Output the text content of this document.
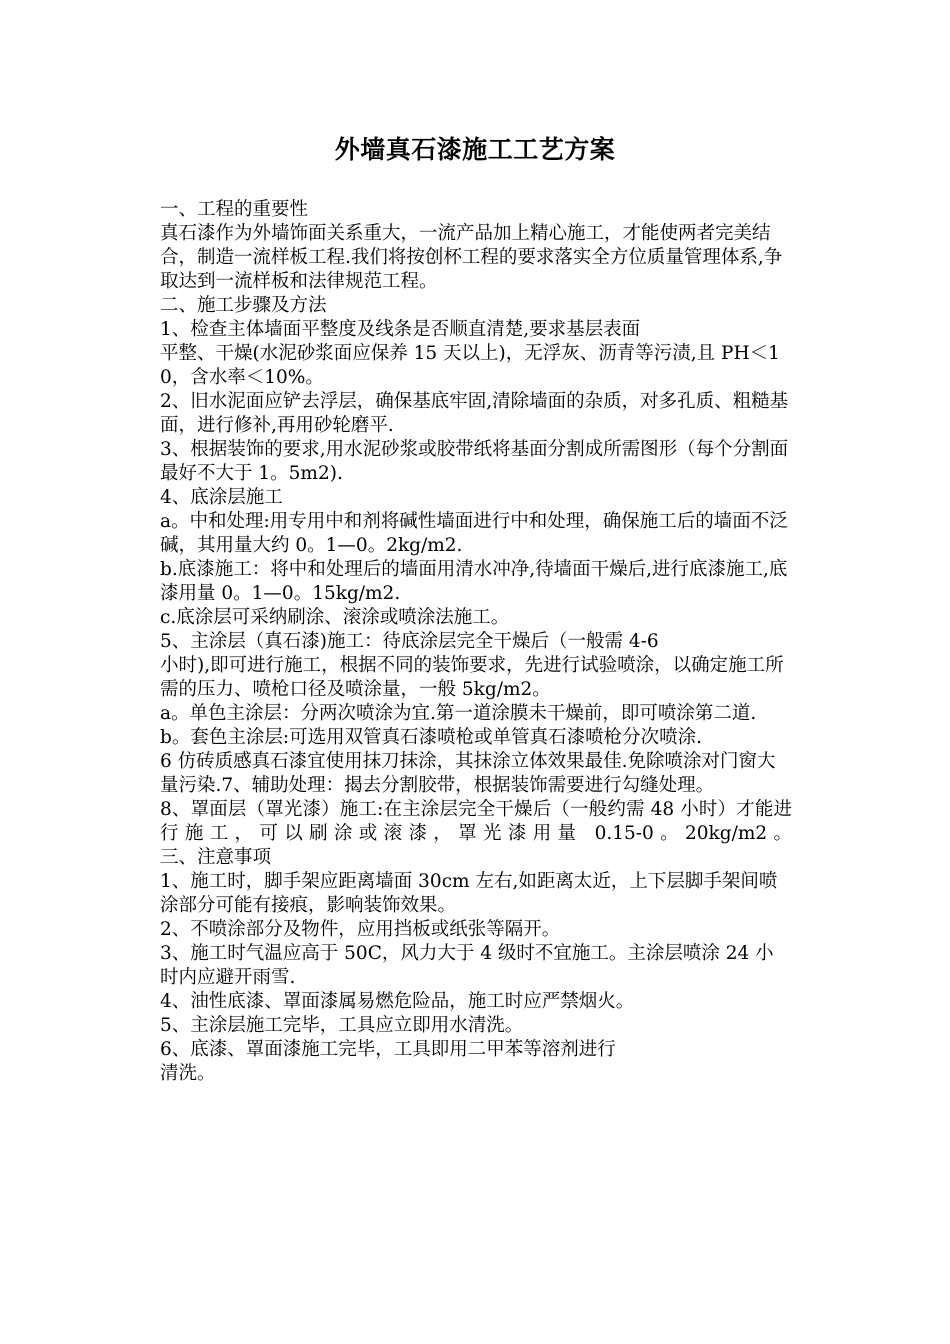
外墙真石漆施工工艺方案

一、工程的重要性

真石漆作为外墙饰面关系重大，一流产品加上精心施工，才能使两者完美结合，制造一流样板工程.我们将按创杯工程的要求落实全方位质量管理体系,争取达到一流样板和法律规范工程。

二、施工步骤及方法

1、检查主体墙面平整度及线条是否顺直清楚,要求基层表面

平整、干燥(水泥砂浆面应保养 15 天以上)，无浮灰、沥青等污渍,且 PH＜10，含水率＜10%。

2、旧水泥面应铲去浮层，确保基底牢固,清除墙面的杂质，对多孔质、粗糙基面，进行修补,再用砂轮磨平.

3、根据装饰的要求,用水泥砂浆或胶带纸将基面分割成所需图形（每个分割面最好不大于 1。5m2).

4、底涂层施工

a。中和处理:用专用中和剂将碱性墙面进行中和处理，确保施工后的墙面不泛碱，其用量大约 0。1—0。2kg/m2.

b.底漆施工：将中和处理后的墙面用清水冲净,待墙面干燥后,进行底漆施工,底漆用量 0。1—0。15kg/m2.

c.底涂层可采纳刷涂、滚涂或喷涂法施工。

5、主涂层（真石漆)施工：待底涂层完全干燥后（一般需 4-6

小时),即可进行施工，根据不同的装饰要求，先进行试验喷涂，以确定施工所需的压力、喷枪口径及喷涂量，一般 5kg/m2。

a。单色主涂层：分两次喷涂为宜.第一道涂膜未干燥前，即可喷涂第二道.

b。套色主涂层:可选用双管真石漆喷枪或单管真石漆喷枪分次喷涂.

6 仿砖质感真石漆宜使用抹刀抹涂，其抹涂立体效果最佳.免除喷涂对门窗大量污染.7、辅助处理：揭去分割胶带，根据装饰需要进行勾缝处理。

8、罩面层（罩光漆）施工:在主涂层完全干燥后（一般约需 48 小时）才能进行施工，可以刷涂或滚漆，罩光漆用量 0.15-0。20kg/m2。

三、注意事项

1、施工时，脚手架应距离墙面 30cm 左右,如距离太近，上下层脚手架间喷涂部分可能有接痕，影响装饰效果。

2、不喷涂部分及物件，应用挡板或纸张等隔开。

3、施工时气温应高于 50C，风力大于 4 级时不宜施工。主涂层喷涂 24 小时内应避开雨雪.

4、油性底漆、罩面漆属易燃危险品，施工时应严禁烟火。

5、主涂层施工完毕，工具应立即用水清洗。

6、底漆、罩面漆施工完毕，工具即用二甲苯等溶剂进行

清洗。
